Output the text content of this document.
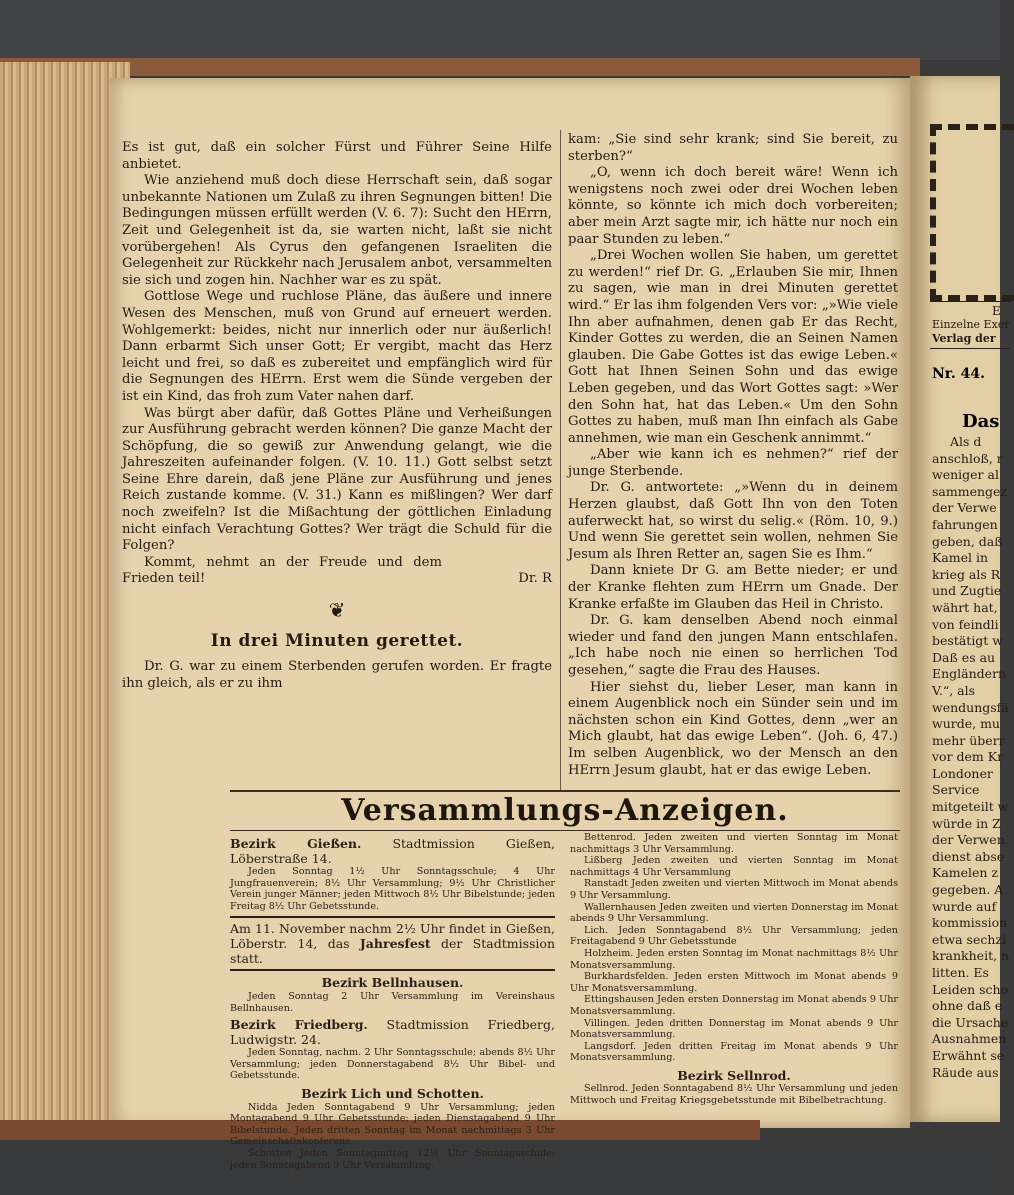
E
Einzelne Exer
Verlag der
Nr. 44.
Das
Als d
anschloß, r
weniger al
sammengez
der Verwe
fahrungen
geben, daß
Kamel in
krieg als R
und Zugtie
währt hat,
von feindli
bestätigt w
Daß es au
Engländern
V.“, als
wendungsfä
wurde, mu
mehr überr
vor dem Kr
Londoner
Service
mitgeteilt w
würde in Z
der Verwen
dienst abse
Kamelen z
gegeben. A
wurde auf
kommission
etwa sechzi
krankheit, n
litten. Es
Leiden scho
ohne daß e
die Ursache
Ausnahmen
Erwähnt se
Räude aus

Es ist gut, daß ein solcher Fürst und Führer Seine Hilfe anbietet.

Wie anziehend muß doch diese Herrschaft sein, daß sogar unbekannte Nationen um Zulaß zu ihren Segnungen bitten! Die Bedingungen müssen erfüllt werden (V. 6. 7): Sucht den HErrn, Zeit und Gelegenheit ist da, sie warten nicht, laßt sie nicht vorübergehen! Als Cyrus den gefangenen Israeliten die Gelegenheit zur Rückkehr nach Jerusalem anbot, versammelten sie sich und zogen hin. Nachher war es zu spät.

Gottlose Wege und ruchlose Pläne, das äußere und innere Wesen des Menschen, muß von Grund auf erneuert werden. Wohlgemerkt: beides, nicht nur innerlich oder nur äußerlich! Dann erbarmt Sich unser Gott; Er vergibt, macht das Herz leicht und frei, so daß es zubereitet und empfänglich wird für die Segnungen des HErrn. Erst wem die Sünde vergeben der ist ein Kind, das froh zum Vater nahen darf.

Was bürgt aber dafür, daß Gottes Pläne und Verheißungen zur Ausführung gebracht werden können? Die ganze Macht der Schöpfung, die so gewiß zur Anwendung gelangt, wie die Jahreszeiten aufeinander folgen. (V. 10. 11.) Gott selbst setzt Seine Ehre darein, daß jene Pläne zur Ausführung und jenes Reich zustande komme. (V. 31.) Kann es mißlingen? Wer darf noch zweifeln? Ist die Mißachtung der göttlichen Einladung nicht einfach Verachtung Gottes? Wer trägt die Schuld für die Folgen?

Kommt, nehmt an der Freude und dem Frieden teil!	Dr. R
❦
In drei Minuten gerettet.

Dr. G. war zu einem Sterbenden gerufen worden. Er fragte ihn gleich, als er zu ihm

kam: „Sie sind sehr krank; sind Sie bereit, zu sterben?“

„O, wenn ich doch bereit wäre! Wenn ich wenigstens noch zwei oder drei Wochen leben könnte, so könnte ich mich doch vorbereiten; aber mein Arzt sagte mir, ich hätte nur noch ein paar Stunden zu leben.“

„Drei Wochen wollen Sie haben, um gerettet zu werden!“ rief Dr. G. „Erlauben Sie mir, Ihnen zu sagen, wie man in drei Minuten gerettet wird.“ Er las ihm folgenden Vers vor: „»Wie viele Ihn aber aufnahmen, denen gab Er das Recht, Kinder Gottes zu werden, die an Seinen Namen glauben. Die Gabe Gottes ist das ewige Leben.« Gott hat Ihnen Seinen Sohn und das ewige Leben gegeben, und das Wort Gottes sagt: »Wer den Sohn hat, hat das Leben.« Um den Sohn Gottes zu haben, muß man Ihn einfach als Gabe annehmen, wie man ein Geschenk annimmt.“

„Aber wie kann ich es nehmen?“ rief der junge Sterbende.

Dr. G. antwortete: „»Wenn du in deinem Herzen glaubst, daß Gott Ihn von den Toten auferweckt hat, so wirst du selig.« (Röm. 10, 9.) Und wenn Sie gerettet sein wollen, nehmen Sie Jesum als Ihren Retter an, sagen Sie es Ihm.“

Dann kniete Dr G. am Bette nieder; er und der Kranke flehten zum HErrn um Gnade. Der Kranke erfaßte im Glauben das Heil in Christo.

Dr. G. kam denselben Abend noch einmal wieder und fand den jungen Mann entschlafen. „Ich habe noch nie einen so herrlichen Tod gesehen,“ sagte die Frau des Hauses.

Hier siehst du, lieber Leser, man kann in einem Augenblick noch ein Sünder sein und im nächsten schon ein Kind Gottes, denn „wer an Mich glaubt, hat das ewige Leben“. (Joh. 6, 47.) Im selben Augenblick, wo der Mensch an den HErrn Jesum glaubt, hat er das ewige Leben.

Versammlungs-Anzeigen.

Bezirk Gießen. Stadtmission Gießen, Löberstraße 14.

Jeden Sonntag 1½ Uhr Sonntagsschule; 4 Uhr Jungfrauenverein; 8½ Uhr Versammlung; 9½ Uhr Christlicher Verein junger Männer; jeden Mittwoch 8½ Uhr Bibelstunde; jeden Freitag 8½ Uhr Gebetsstunde.

Am 11. November nachm 2½ Uhr findet in Gießen, Löberstr. 14, das Jahresfest der Stadtmission statt.

Bezirk Bellnhausen.

Jeden Sonntag 2 Uhr Versammlung im Vereinshaus Bellnhausen.

Bezirk Friedberg. Stadtmission Friedberg, Ludwigstr. 24.

Jeden Sonntag, nachm. 2 Uhr Sonntagsschule; abends 8½ Uhr Versammlung; jeden Donnerstagabend 8½ Uhr Bibel- und Gebetsstunde.

Bezirk Lich und Schotten.

Nidda Jeden Sonntagabend 9 Uhr Versammlung; jeden Montagabend 9 Uhr Gebetsstunde; jeden Dienstagabend 9 Uhr Bibelstunde. Jeden dritten Sonntag im Monat nachmittags 3 Uhr Gemeinschaftskonferenz.

Schotten Jeden Sonntagmittag 12½ Uhr Sonntagsschule; jeden Sonntagabend 9 Uhr Versammlung.

Bettenrod. Jeden zweiten und vierten Sonntag im Monat nachmittags 3 Uhr Versammlung.

Lißberg Jeden zweiten und vierten Sonntag im Monat nachmittags 4 Uhr Versammlung

Ranstadt Jeden zweiten und vierten Mittwoch im Monat abends 9 Uhr Versammlung.

Wallernhausen Jeden zweiten und vierten Donnerstag im Monat abends 9 Uhr Versammlung.

Lich. Jeden Sonntagabend 8½ Uhr Versammlung; jeden Freitagabend 9 Uhr Gebetsstunde

Holzheim. Jeden ersten Sonntag im Monat nachmittags 8½ Uhr Monatsversammlung.

Burkhardsfelden. Jeden ersten Mittwoch im Monat abends 9 Uhr Monatsversammlung.

Ettingshausen Jeden ersten Donnerstag im Monat abends 9 Uhr Monatsversammlung.

Villingen. Jeden dritten Donnerstag im Monat abends 9 Uhr Monatsversammlung.

Langsdorf. Jeden dritten Freitag im Monat abends 9 Uhr Monatsversammlung.

Bezirk Sellnrod.

Sellnrod. Jeden Sonntagabend 8½ Uhr Versammlung und jeden Mittwoch und Freitag Kriegsgebetsstunde mit Bibelbetrachtung.
